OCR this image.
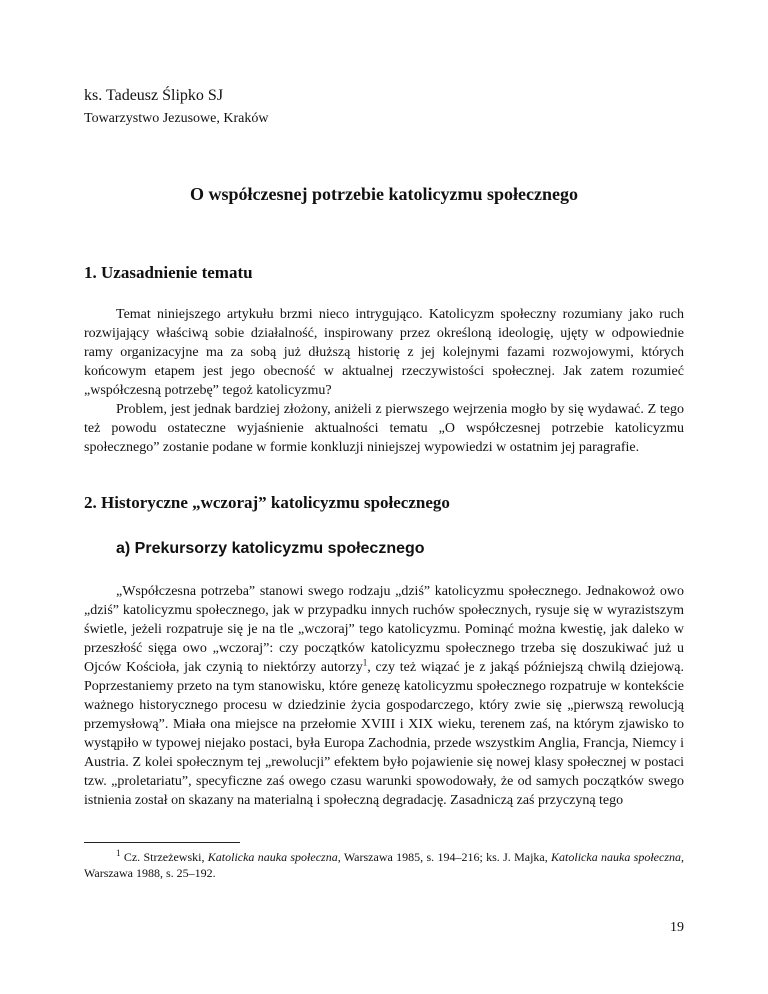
ks. Tadeusz Ślipko SJ

Towarzystwo Jezusowe, Kraków

O współczesnej potrzebie katolicyzmu społecznego
1. Uzasadnienie tematu

Temat niniejszego artykułu brzmi nieco intrygująco. Katolicyzm społeczny rozumiany jako ruch rozwijający właściwą sobie działalność, inspirowany przez określoną ideologię, ujęty w odpowiednie ramy organizacyjne ma za sobą już dłuższą historię z jej kolejnymi fazami rozwojowymi, których końcowym etapem jest jego obecność w aktualnej rzeczywistości społecznej. Jak zatem rozumieć „współczesną potrzebę” tegoż katolicyzmu?

Problem, jest jednak bardziej złożony, aniżeli z pierwszego wejrzenia mogło by się wydawać. Z tego też powodu ostateczne wyjaśnienie aktualności tematu „O współczesnej potrzebie katolicyzmu społecznego” zostanie podane w formie konkluzji niniejszej wypowiedzi w ostatnim jej paragrafie.

2. Historyczne „wczoraj” katolicyzmu społecznego
a) Prekursorzy katolicyzmu społecznego

„Współczesna potrzeba” stanowi swego rodzaju „dziś” katolicyzmu społecznego. Jednakowoż owo „dziś” katolicyzmu społecznego, jak w przypadku innych ruchów społecznych, rysuje się w wyrazistszym świetle, jeżeli rozpatruje się je na tle „wczoraj” tego katolicyzmu. Pominąć można kwestię, jak daleko w przeszłość sięga owo „wczoraj”: czy początków katolicyzmu społecznego trzeba się doszukiwać już u Ojców Kościoła, jak czynią to niektórzy autorzy$^1$, czy też wiązać je z jakąś późniejszą chwilą dziejową. Poprzestaniemy przeto na tym stanowisku, które genezę katolicyzmu społecznego rozpatruje w kontekście ważnego historycznego procesu w dziedzinie życia gospodarczego, który zwie się „pierwszą rewolucją przemysłową”. Miała ona miejsce na przełomie XVIII i XIX wieku, terenem zaś, na którym zjawisko to wystąpiło w typowej niejako postaci, była Europa Zachodnia, przede wszystkim Anglia, Francja, Niemcy i Austria. Z kolei społecznym tej „rewolucji” efektem było pojawienie się nowej klasy społecznej w postaci tzw. „proletariatu”, specyficzne zaś owego czasu warunki spowodowały, że od samych początków swego istnienia został on skazany na materialną i społeczną degradację. Zasadniczą zaś przyczyną tego

$^1$ Cz. Strzeżewski, Katolicka nauka społeczna, Warszawa 1985, s. 194–216; ks. J. Majka, Katolicka nauka społeczna, Warszawa 1988, s. 25–192.

19
